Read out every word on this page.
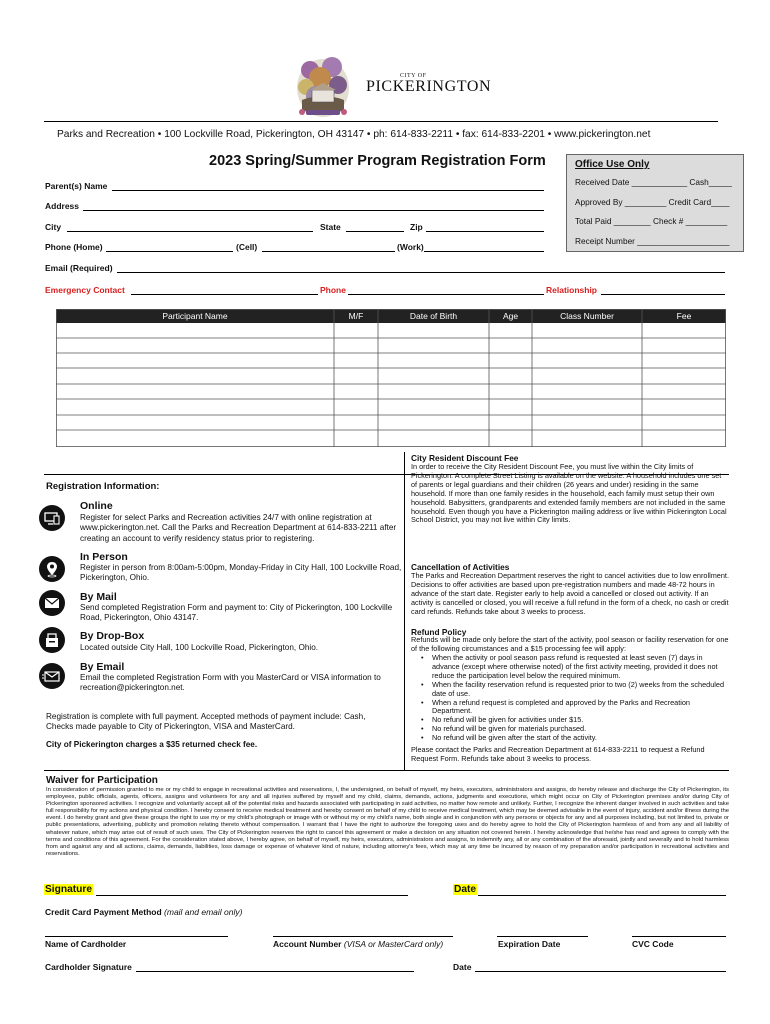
CITY OF
PICKERINGTON
Parks and Recreation • 100 Lockville Road, Pickerington, OH 43147 • ph: 614-833-2211 • fax: 614-833-2201 • www.pickerington.net
2023 Spring/Summer Program Registration Form	Office Use Only
Received Date ____________ Cash_____
Approved By _________ Credit Card____
Total Paid ________ Check # _________
Receipt Number ____________________
Parent(s) Name
Address
City	State	Zip
Phone (Home)	(Cell)	(Work)
Email (Required)
Emergency Contact	Phone	Relationship
Participant Name	M/F	Date of Birth	Age	Class Number	Fee
Registration Information:
Online
Register for select Parks and Recreation activities 24/7 with online registration at www.pickerington.net. Call the Parks and Recreation Department at 614-833-2211 after creating an account to verify residency status prior to registering.
In Person
Register in person from 8:00am-5:00pm, Monday-Friday in City Hall, 100 Lockville Road, Pickerington, Ohio.
By Mail
Send completed Registration Form and payment to: City of Pickerington, 100 Lockville Road, Pickerington, Ohio 43147.
By Drop-Box
Located outside City Hall, 100 Lockville Road, Pickerington, Ohio.
By Email
Email the completed Registration Form with you MasterCard or VISA information to recreation@pickerington.net.
Registration is complete with full payment. Accepted methods of payment include: Cash, Checks made payable to City of Pickerington, VISA and MasterCard.
City of Pickerington charges a $35 returned check fee.
City Resident Discount Fee
In order to receive the City Resident Discount Fee, you must live within the City limits of Pickerington. A complete Street Listing is available on the website. A household includes one set of parents or legal guardians and their children (26 years and under) residing in the same household. If more than one family resides in the household, each family must setup their own household. Babysitters, grandparents and extended family members are not included in the same household. Even though you have a Pickerington mailing address or live within Pickerington Local School District, you may not live within City limits.
Cancellation of Activities
The Parks and Recreation Department reserves the right to cancel activities due to low enrollment. Decisions to offer activities are based upon pre-registration numbers and made 48-72 hours in advance of the start date. Register early to help avoid a cancelled or closed out activity. If an activity is cancelled or closed, you will receive a full refund in the form of a check, no cash or credit card refunds. Refunds take about 3 weeks to process.
Refund Policy
Refunds will be made only before the start of the activity, pool season or facility reservation for one of the following circumstances and a $15 processing fee will apply:
•	When the activity or pool season pass refund is requested at least seven (7) days in advance (except where otherwise noted) of the first activity meeting, provided it does not reduce the participation level below the required minimum.
•	When the facility reservation refund is requested prior to two (2) weeks from the scheduled date of use.
•	When a refund request is completed and approved by the Parks and Recreation Department.
•	No refund will be given for activities under $15.
•	No refund will be given for materials purchased.
•	No refund will be given after the start of the activity.
Please contact the Parks and Recreation Department at 614-833-2211 to request a Refund Request Form. Refunds take about 3 weeks to process.
Waiver for Participation
In consideration of permission granted to me or my child to engage in recreational activities and reservations, I, the undersigned, on behalf of myself, my heirs, executors, administrators and assigns, do hereby release and discharge the City of Pickerington, its employees, public officials, agents, officers, assigns and volunteers for any and all injuries suffered by myself and my child, claims, demands, actions, judgments and executions, which might occur on City of Pickerington premises and/or during City of Pickerington sponsored activities. I recognize and voluntarily accept all of the potential risks and hazards associated with participating in said activities, no matter how remote and unlikely. Further, I recognize the inherent danger involved in such activities and take full responsibility for my actions and physical condition. I hereby consent to receive medical treatment and hereby consent on behalf of my child to receive medical treatment, which may be deemed advisable in the event of injury, accident and/or illness during the event. I do hereby grant and give these groups the right to use my or my child's photograph or image with or without my or my child's name, both single and in conjunction with any persons or objects for any and all purposes including, but not limited to, private or public presentations, advertising, publicity and promotion relating thereto without compensation. I warrant that I have the right to authorize the foregoing uses and do hereby agree to hold the City of Pickerington harmless of and from any and all liability of whatever nature, which may arise out of result of such uses. The City of Pickerington reserves the right to cancel this agreement or make a decision on any situation not covered herein. I hereby acknowledge that he/she has read and agrees to comply with the terms and conditions of this agreement. For the consideration stated above, I hereby agree, on behalf of myself, my heirs, executors, administrators and assigns, to indemnify any, all or any combination of the aforesaid, jointly and severally and to hold harmless from and against any and all actions, claims, demands, liabilities, loss damage or expense of whatever kind of nature, including attorney's fees, which may at any time be incurred by reason of my preparation and/or participation in recreational activities and reservations.
Signature	Date
Credit Card Payment Method (mail and email only)
Name of Cardholder	Account Number (VISA or MasterCard only)	Expiration Date	CVC Code
Cardholder Signature	Date
